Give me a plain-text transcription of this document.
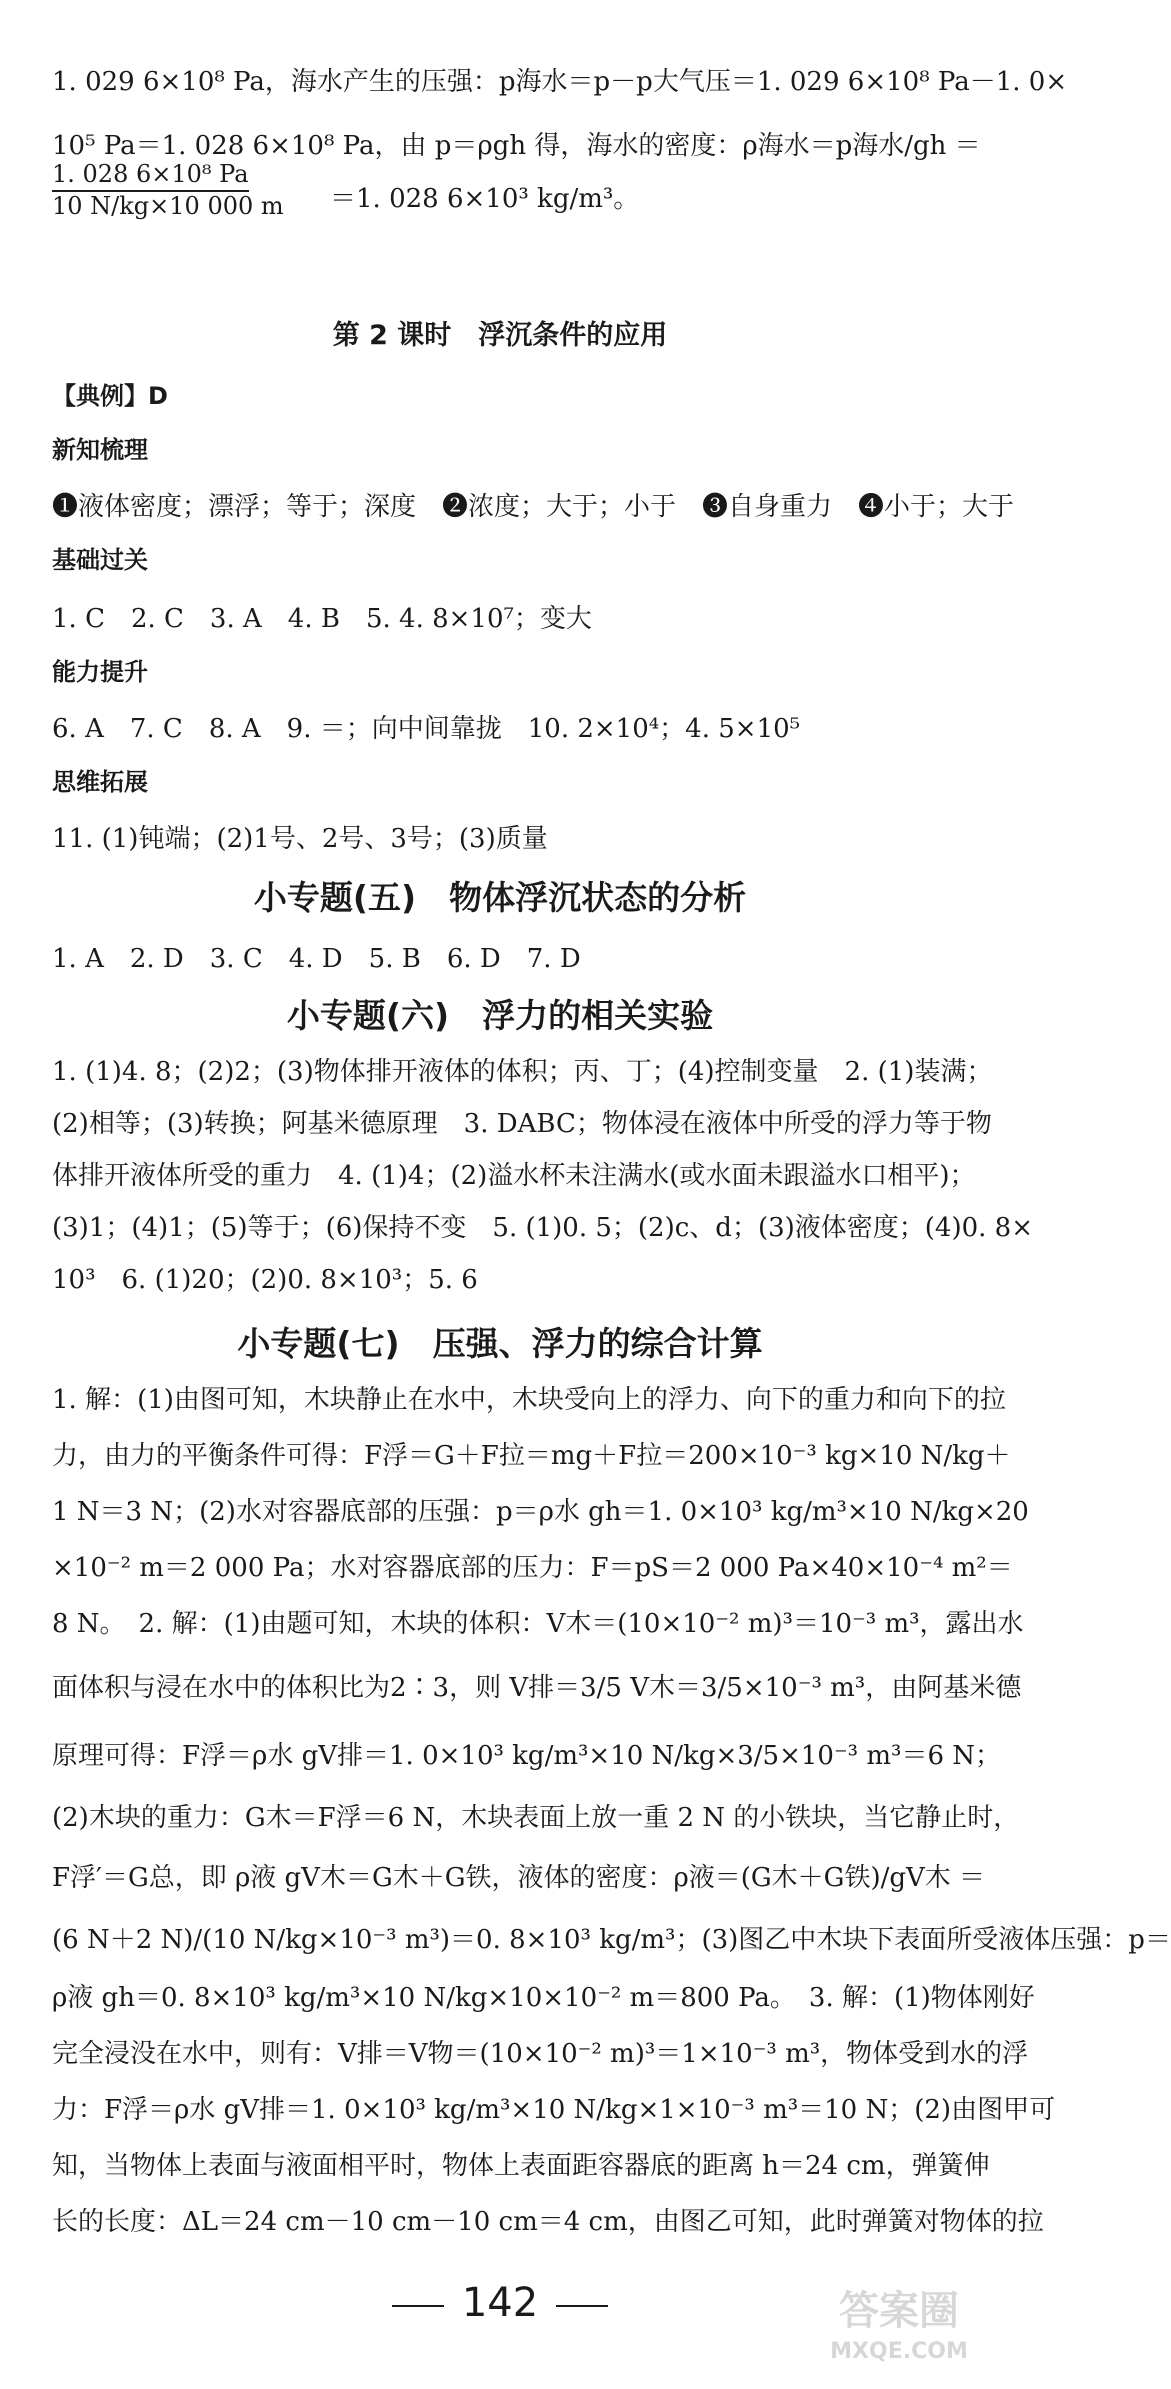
1. 029 6×10⁸ Pa，海水产生的压强：p海水＝p－p大气压＝1. 029 6×10⁸ Pa－1. 0×
10⁵ Pa＝1. 028 6×10⁸ Pa，由 p＝ρgh 得，海水的密度：ρ海水＝p海水/gh ＝
$\frac{\text{1. 028 6×10⁸ Pa}}{10 N/kg\times 10 000 m} =1$. 028 6×10³ kg/m³。
第 2 课时　浮沉条件的应用
【典例】D
新知梳理
❶液体密度；漂浮；等于；深度　❷浓度；大于；小于　❸自身重力　❹小于；大于
基础过关
1. C　2. C　3. A　4. B　5. 4. 8×10⁷；变大
能力提升
6. A　7. C　8. A　9. ＝；向中间靠拢　10. 2×10⁴；4. 5×10⁵
思维拓展
11. (1)钝端；(2)1号、2号、3号；(3)质量
小专题(五)　物体浮沉状态的分析
1. A　2. D　3. C　4. D　5. B　6. D　7. D
小专题(六)　浮力的相关实验
1. (1)4. 8；(2)2；(3)物体排开液体的体积；丙、丁；(4)控制变量　2. (1)装满；
(2)相等；(3)转换；阿基米德原理　3. DABC；物体浸在液体中所受的浮力等于物
体排开液体所受的重力　4. (1)4；(2)溢水杯未注满水(或水面未跟溢水口相平)；
(3)1；(4)1；(5)等于；(6)保持不变　5. (1)0. 5；(2)c、d；(3)液体密度；(4)0. 8×
10³　6. (1)20；(2)0. 8×10³；5. 6
小专题(七)　压强、浮力的综合计算
1. 解：(1)由图可知，木块静止在水中，木块受向上的浮力、向下的重力和向下的拉
力，由力的平衡条件可得：F浮＝G＋F拉＝mg＋F拉＝200×10⁻³ kg×10 N/kg＋
1 N＝3 N；(2)水对容器底部的压强：p＝ρ水 gh＝1. 0×10³ kg/m³×10 N/kg×20
×10⁻² m＝2 000 Pa；水对容器底部的压力：F＝pS＝2 000 Pa×40×10⁻⁴ m²＝
8 N。　2. 解：(1)由题可知，木块的体积：V木＝(10×10⁻² m)³＝10⁻³ m³，露出水
面体积与浸在水中的体积比为2∶3，则 V排＝3/5 V木＝3/5×10⁻³ m³，由阿基米德
原理可得：F浮＝ρ水 gV排＝1. 0×10³ kg/m³×10 N/kg×3/5×10⁻³ m³＝6 N；
(2)木块的重力：G木＝F浮＝6 N，木块表面上放一重 2 N 的小铁块，当它静止时，
F浮′＝G总，即 ρ液 gV木＝G木＋G铁，液体的密度：ρ液＝(G木＋G铁)/gV木 ＝
(6 N＋2 N)/(10 N/kg×10⁻³ m³)＝0. 8×10³ kg/m³；(3)图乙中木块下表面所受液体压强：p＝
ρ液 gh＝0. 8×10³ kg/m³×10 N/kg×10×10⁻² m＝800 Pa。　3. 解：(1)物体刚好
完全浸没在水中，则有：V排＝V物＝(10×10⁻² m)³＝1×10⁻³ m³，物体受到水的浮
力：F浮＝ρ水 gV排＝1. 0×10³ kg/m³×10 N/kg×1×10⁻³ m³＝10 N；(2)由图甲可
知，当物体上表面与液面相平时，物体上表面距容器底的距离 h＝24 cm，弹簧伸
长的长度：ΔL＝24 cm－10 cm－10 cm＝4 cm，由图乙可知，此时弹簧对物体的拉
142	答案圈
MXQE.COM
